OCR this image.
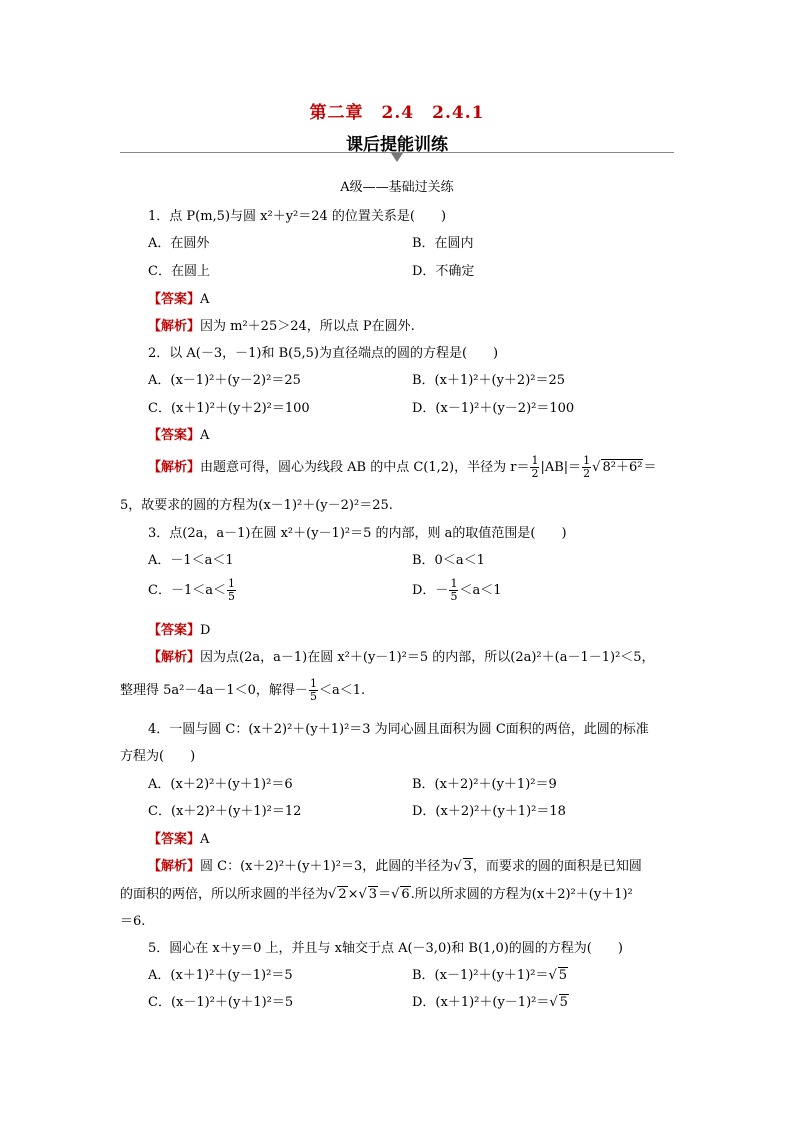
第二章　2.4　2.4.1
课后提能训练
A级——基础过关练
1．点 P(m,5)与圆 x²＋y²＝24 的位置关系是(　　)
A．在圆外	B．在圆内
C．在圆上	D．不确定
【答案】A
【解析】因为 m²＋25＞24，所以点 P在圆外.
2．以 A(－3，－1)和 B(5,5)为直径端点的圆的方程是(　　)
A．(x－1)²＋(y－2)²＝25	B．(x＋1)²＋(y＋2)²＝25
C．(x＋1)²＋(y＋2)²＝100	D．(x－1)²＋(y－2)²＝100
【答案】A
【解析】由题意可得，圆心为线段 AB 的中点 C(1,2)，半径为 $r= \frac{1}{2} |AB|= \frac{1}{2}$ √ 8²＋6²＝
5，故要求的圆的方程为(x－1)²＋(y－2)²＝25.
3．点(2a，a－1)在圆 x²＋(y－1)²＝5 的内部，则 a的取值范围是(　　)
A．－1＜a＜1	B．0＜a＜1
C．$-1<a< \frac{1}{5}$	D．－ $\frac{1}{5} <a<1$
【答案】D
【解析】因为点(2a，a－1)在圆 x²＋(y－1)²＝5 的内部，所以(2a)²＋(a－1－1)²＜5，
整理得 5a²－4a－1＜0，解得－ $\frac{1}{5} <a<1$.
4．一圆与圆 C：(x＋2)²＋(y＋1)²＝3 为同心圆且面积为圆 C面积的两倍，此圆的标准
方程为(　　)
A．(x＋2)²＋(y＋1)²＝6	B．(x＋2)²＋(y＋1)²＝9
C．(x＋2)²＋(y＋1)²＝12	D．(x＋2)²＋(y＋1)²＝18
【答案】A
【解析】圆 C：(x＋2)²＋(y＋1)²＝3，此圆的半径为√ 3，而要求的圆的面积是已知圆
的面积的两倍，所以所求圆的半径为√ 2×√ 3＝√ 6.所以所求圆的方程为(x＋2)²＋(y＋1)²
＝6.
5．圆心在 x＋y＝0 上，并且与 x轴交于点 A(－3,0)和 B(1,0)的圆的方程为(　　)
A．(x＋1)²＋(y－1)²＝5	B．(x－1)²＋(y＋1)²＝√ 5
C．(x－1)²＋(y＋1)²＝5	D．(x＋1)²＋(y－1)²＝√ 5
